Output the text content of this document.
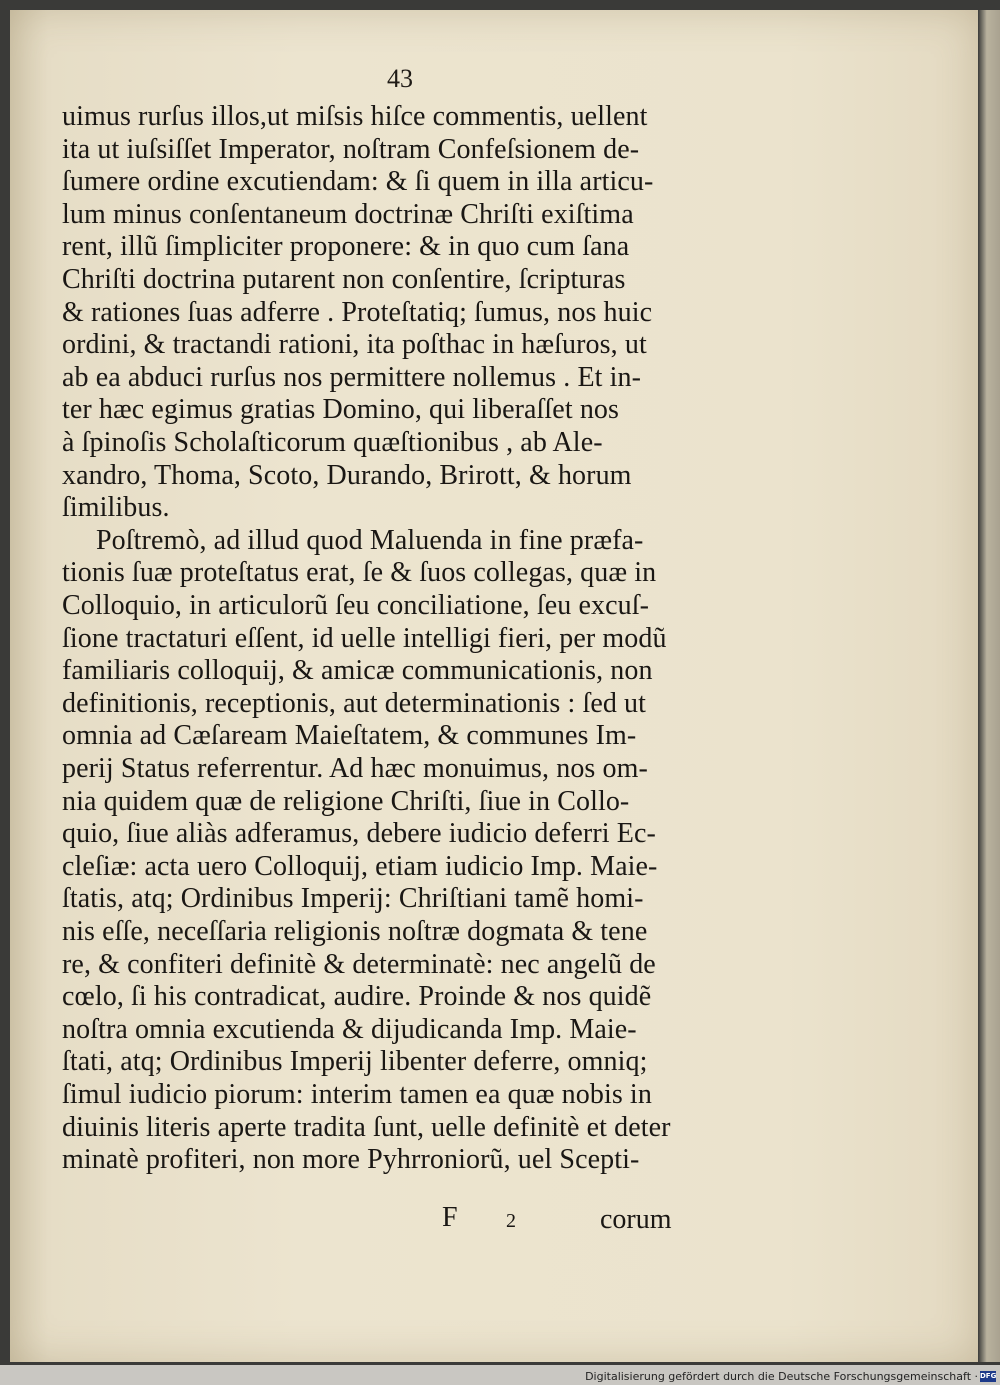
43
uimus rurſus illos,ut miſsis hiſce commentis, uellent
ita ut iuſsiſſet Imperator, noſtram Confeſsionem de-
ſumere ordine excutiendam: & ſi quem in illa articu-
lum minus conſentaneum doctrinæ Chriſti exiſtima
rent, illũ ſimpliciter proponere: & in quo cum ſana
Chriſti doctrina putarent non conſentire, ſcripturas
& rationes ſuas adferre . Proteſtatiq; ſumus, nos huic
ordini, & tractandi rationi, ita poſthac in hæſuros, ut
ab ea abduci rurſus nos permittere nollemus . Et in-
ter hæc egimus gratias Domino, qui liberaſſet nos
à ſpinoſis Scholaſticorum quæſtionibus , ab Ale-
xandro, Thoma, Scoto, Durando, Brirott, & horum
ſimilibus.
Poſtremò, ad illud quod Maluenda in fine præfa-
tionis ſuæ proteſtatus erat, ſe & ſuos collegas, quæ in
Colloquio, in articulorũ ſeu conciliatione, ſeu excuſ-
ſione tractaturi eſſent, id uelle intelligi fieri, per modũ
familiaris colloquij, & amicæ communicationis, non
definitionis, receptionis, aut determinationis : ſed ut
omnia ad Cæſaream Maieſtatem, & communes Im-
perij Status referrentur. Ad hæc monuimus, nos om-
nia quidem quæ de religione Chriſti, ſiue in Collo-
quio, ſiue aliàs adferamus, debere iudicio deferri Ec-
cleſiæ: acta uero Colloquij, etiam iudicio Imp. Maie-
ſtatis, atq; Ordinibus Imperij: Chriſtiani tamẽ homi-
nis eſſe, neceſſaria religionis noſtræ dogmata & tene
re, & confiteri definitè & determinatè: nec angelũ de
cœlo, ſi his contradicat, audire. Proinde & nos quidẽ
noſtra omnia excutienda & dijudicanda Imp. Maie-
ſtati, atq; Ordinibus Imperij libenter deferre, omniq;
ſimul iudicio piorum: interim tamen ea quæ nobis in
diuinis literis aperte tradita ſunt, uelle definitè et deter
minatè profiteri, non more Pyhrroniorũ, uel Scepti-
F 2	corum
Digitalisierung gefördert durch die Deutsche Forschungsgemeinschaft · DFG
